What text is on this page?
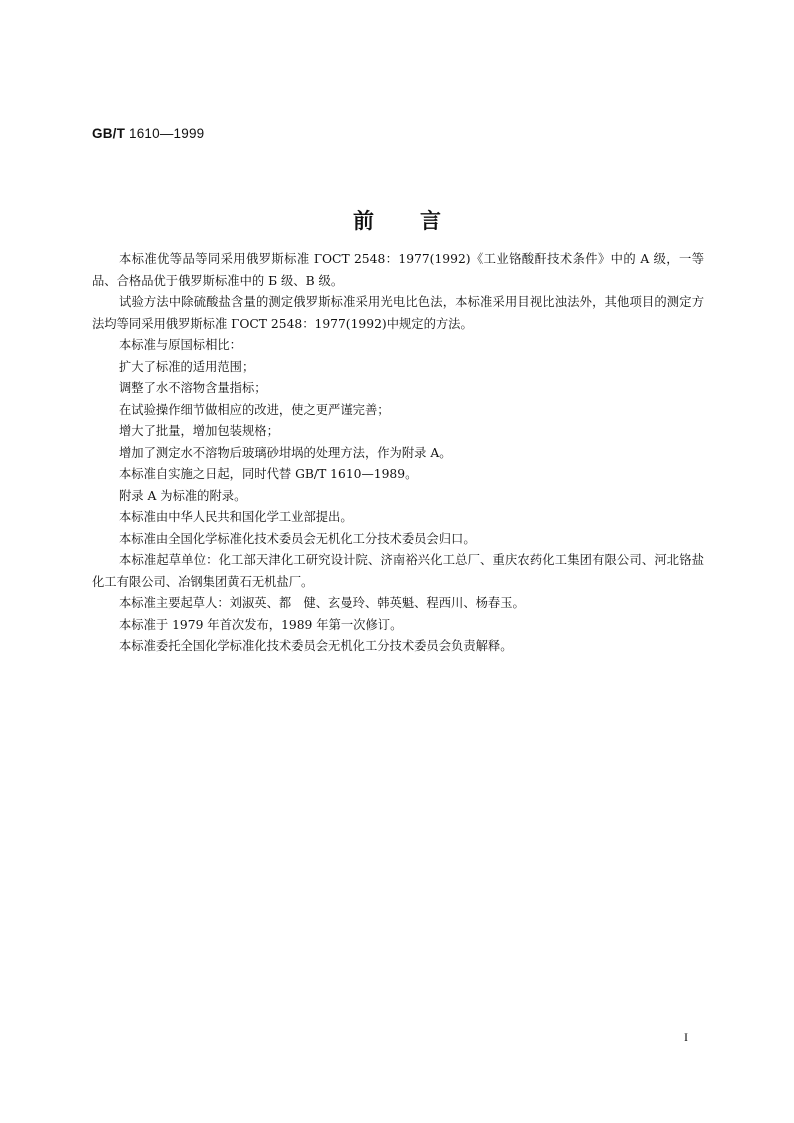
GB/T 1610—1999
前言

本标准优等品等同采用俄罗斯标准 ГОСТ 2548：1977(1992)《工业铬酸酐技术条件》中的 A 级，一等品、合格品优于俄罗斯标准中的 Б 级、В 级。

试验方法中除硫酸盐含量的测定俄罗斯标准采用光电比色法，本标准采用目视比浊法外，其他项目的测定方法均等同采用俄罗斯标准 ГОСТ 2548：1977(1992)中规定的方法。

本标准与原国标相比：

扩大了标准的适用范围；

调整了水不溶物含量指标；

在试验操作细节做相应的改进，使之更严谨完善；

增大了批量，增加包装规格；

增加了测定水不溶物后玻璃砂坩埚的处理方法，作为附录 A。

本标准自实施之日起，同时代替 GB/T 1610—1989。

附录 A 为标准的附录。

本标准由中华人民共和国化学工业部提出。

本标准由全国化学标准化技术委员会无机化工分技术委员会归口。

本标准起草单位：化工部天津化工研究设计院、济南裕兴化工总厂、重庆农药化工集团有限公司、河北铬盐化工有限公司、冶钢集团黄石无机盐厂。

本标准主要起草人：刘淑英、都　健、玄曼玲、韩英魁、程西川、杨春玉。

本标准于 1979 年首次发布，1989 年第一次修订。

本标准委托全国化学标准化技术委员会无机化工分技术委员会负责解释。

I
